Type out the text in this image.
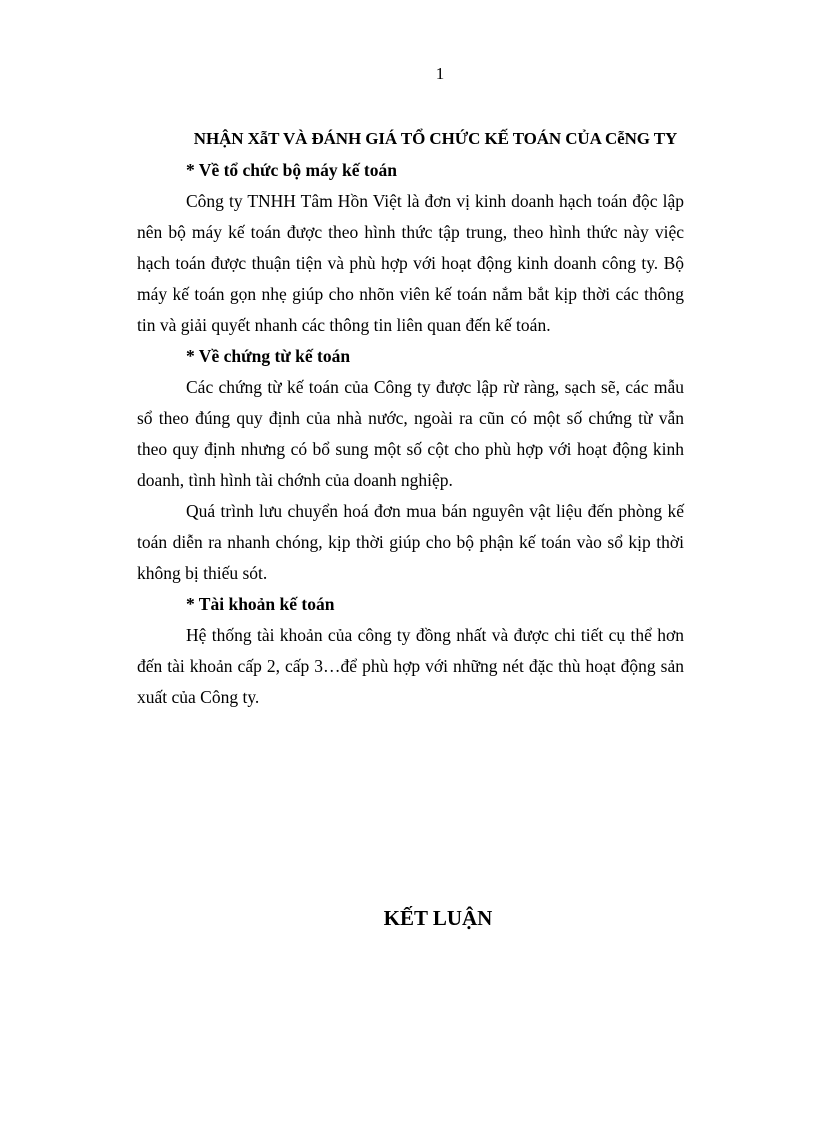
1
NHẬN XẫT VÀ ĐÁNH GIÁ TỔ CHỨC KẾ TOÁN CỦA CễNG TY

* Về tổ chức bộ máy kế toán

Công ty TNHH Tâm Hồn Việt là đơn vị kinh doanh hạch toán độc lập nên bộ máy kế toán được theo hình thức tập trung, theo hình thức này việc hạch toán được thuận tiện và phù hợp với hoạt động kinh doanh công ty. Bộ máy kế toán gọn nhẹ giúp cho nhõn viên kế toán nắm bắt kịp thời các thông tin và giải quyết nhanh các thông tin liên quan đến kế toán.

* Về chứng từ kế toán

Các chứng từ kế toán của Công ty được lập rừ ràng, sạch sẽ, các mẫu sổ theo đúng quy định của nhà nước, ngoài ra cũn có một số chứng từ vẫn theo quy định nhưng có bổ sung một số cột cho phù hợp với hoạt động kinh doanh, tình hình tài chớnh của doanh nghiệp.

Quá trình lưu chuyển hoá đơn mua bán nguyên vật liệu đến phòng kế toán diễn ra nhanh chóng, kịp thời giúp cho bộ phận kế toán vào sổ kịp thời không bị thiếu sót.

* Tài khoản kế toán

Hệ thống tài khoản của công ty đồng nhất và được chi tiết cụ thể hơn đến tài khoản cấp 2, cấp 3…để phù hợp với những nét đặc thù hoạt động sản xuất của Công ty.

KẾT LUẬN
